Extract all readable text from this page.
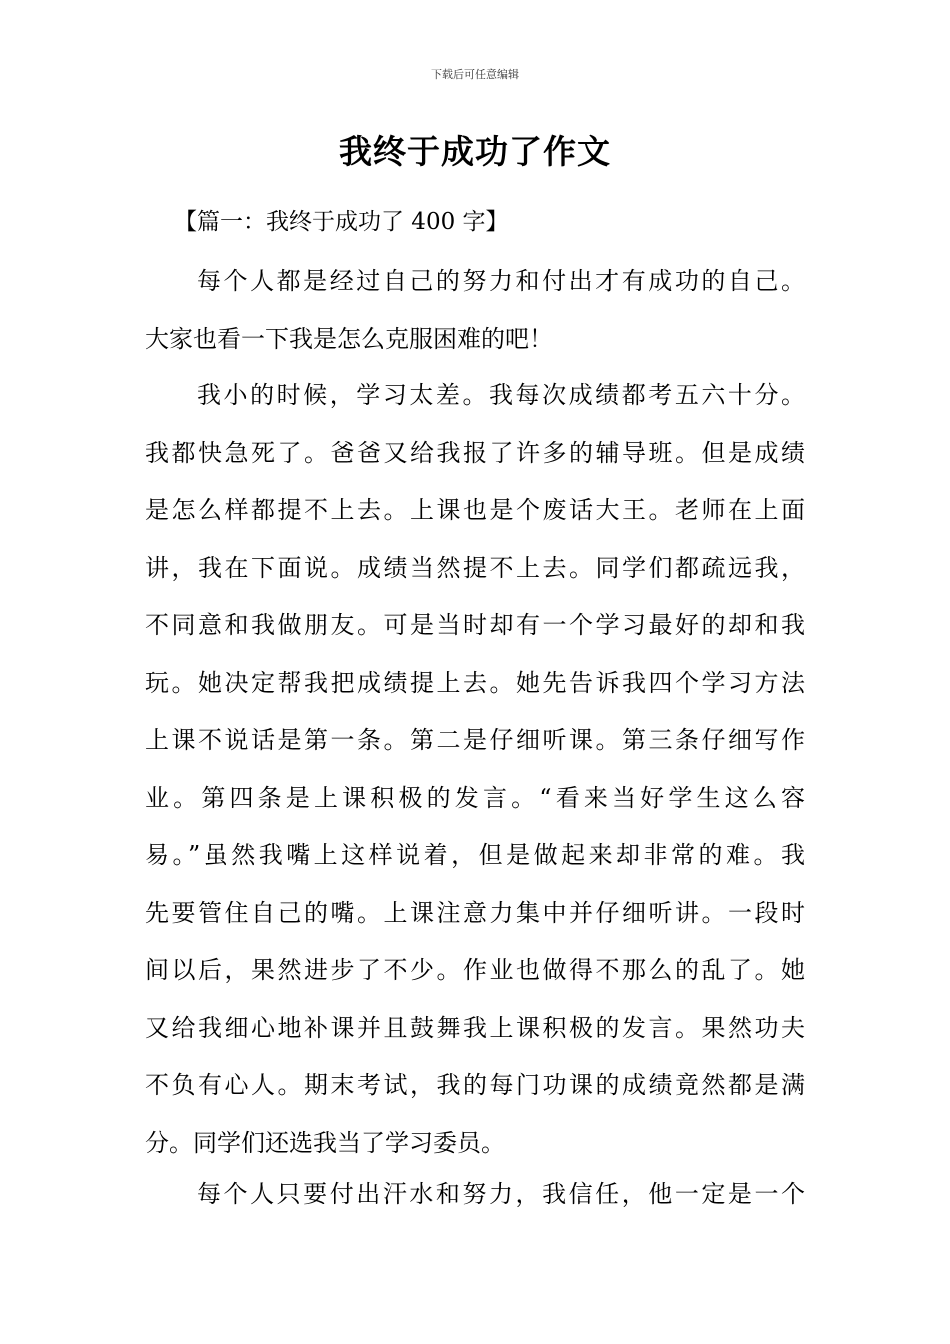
下载后可任意编辑
我终于成功了作文

【篇一：我终于成功了 400 字】

每个人都是经过自己的努力和付出才有成功的自己。
大家也看一下我是怎么克服困难的吧！
我小的时候，学习太差。我每次成绩都考五六十分。
我都快急死了。爸爸又给我报了许多的辅导班。但是成绩
是怎么样都提不上去。上课也是个废话大王。老师在上面
讲，我在下面说。成绩当然提不上去。同学们都疏远我，
不同意和我做朋友。可是当时却有一个学习最好的却和我
玩。她决定帮我把成绩提上去。她先告诉我四个学习方法
上课不说话是第一条。第二是仔细听课。第三条仔细写作
业。第四条是上课积极的发言。“看来当好学生这么容
易。”虽然我嘴上这样说着，但是做起来却非常的难。我
先要管住自己的嘴。上课注意力集中并仔细听讲。一段时
间以后，果然进步了不少。作业也做得不那么的乱了。她
又给我细心地补课并且鼓舞我上课积极的发言。果然功夫
不负有心人。期末考试，我的每门功课的成绩竟然都是满
分。同学们还选我当了学习委员。
每个人只要付出汗水和努力，我信任，他一定是一个
